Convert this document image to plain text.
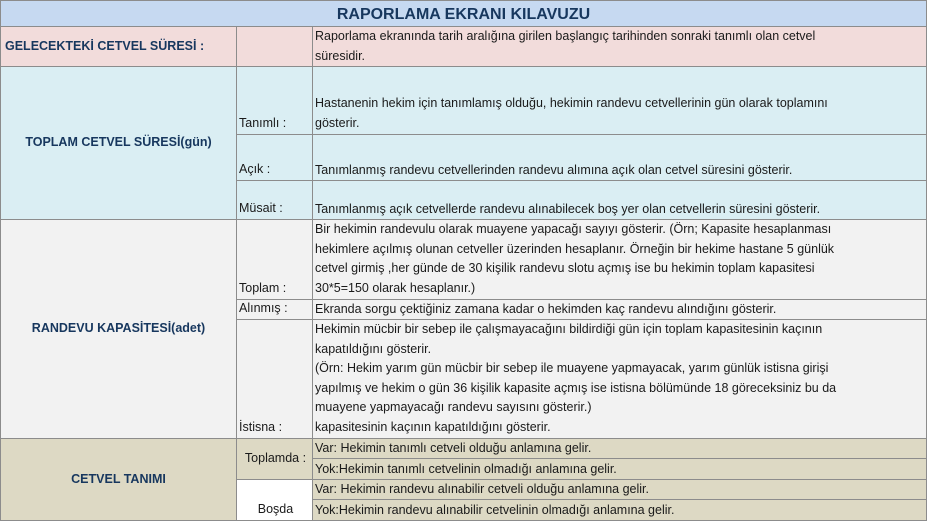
RAPORLAMA EKRANI KILAVUZU
GELECEKTEKİ CETVEL SÜRESİ :
Raporlama ekranında tarih aralığına girilen başlangıç tarihinden sonraki tanımlı olan cetvel
süresidir.
TOPLAM CETVEL SÜRESİ(gün)
Tanımlı :
Hastanenin hekim için tanımlamış olduğu, hekimin randevu cetvellerinin gün olarak toplamını
gösterir.
Açık :	Tanımlanmış randevu cetvellerinden randevu alımına açık olan cetvel süresini gösterir.
Müsait :	Tanımlanmış açık cetvellerde randevu alınabilecek boş yer olan cetvellerin süresini gösterir.
RANDEVU KAPASİTESİ(adet)
Toplam :
Bir hekimin randevulu olarak muayene yapacağı sayıyı gösterir. (Örn; Kapasite hesaplanması
hekimlere açılmış olunan cetveller üzerinden hesaplanır. Örneğin bir hekime hastane 5 günlük
cetvel girmiş ,her günde de 30 kişilik randevu slotu açmış ise bu hekimin toplam kapasitesi
30*5=150 olarak hesaplanır.)
Alınmış : Ekranda sorgu çektiğiniz zamana kadar o hekimden kaç randevu alındığını gösterir.
İstisna :
Hekimin mücbir bir sebep ile çalışmayacağını bildirdiği gün için toplam kapasitesinin kaçının
kapatıldığını gösterir.
(Örn: Hekim yarım gün mücbir bir sebep ile muayene yapmayacak, yarım günlük istisna girişi
yapılmış ve hekim o gün 36 kişilik kapasite açmış ise istisna bölümünde 18 göreceksiniz bu da
muayene yapmayacağı randevu sayısını gösterir.)
kapasitesinin kaçının kapatıldığını gösterir.
CETVEL TANIMI
Toplamda :
Var: Hekimin tanımlı cetveli olduğu anlamına gelir.
Yok:Hekimin tanımlı cetvelinin olmadığı anlamına gelir.
Boşda
Var: Hekimin randevu alınabilir cetveli olduğu anlamına gelir.
Yok:Hekimin randevu alınabilir cetvelinin olmadığı anlamına gelir.
